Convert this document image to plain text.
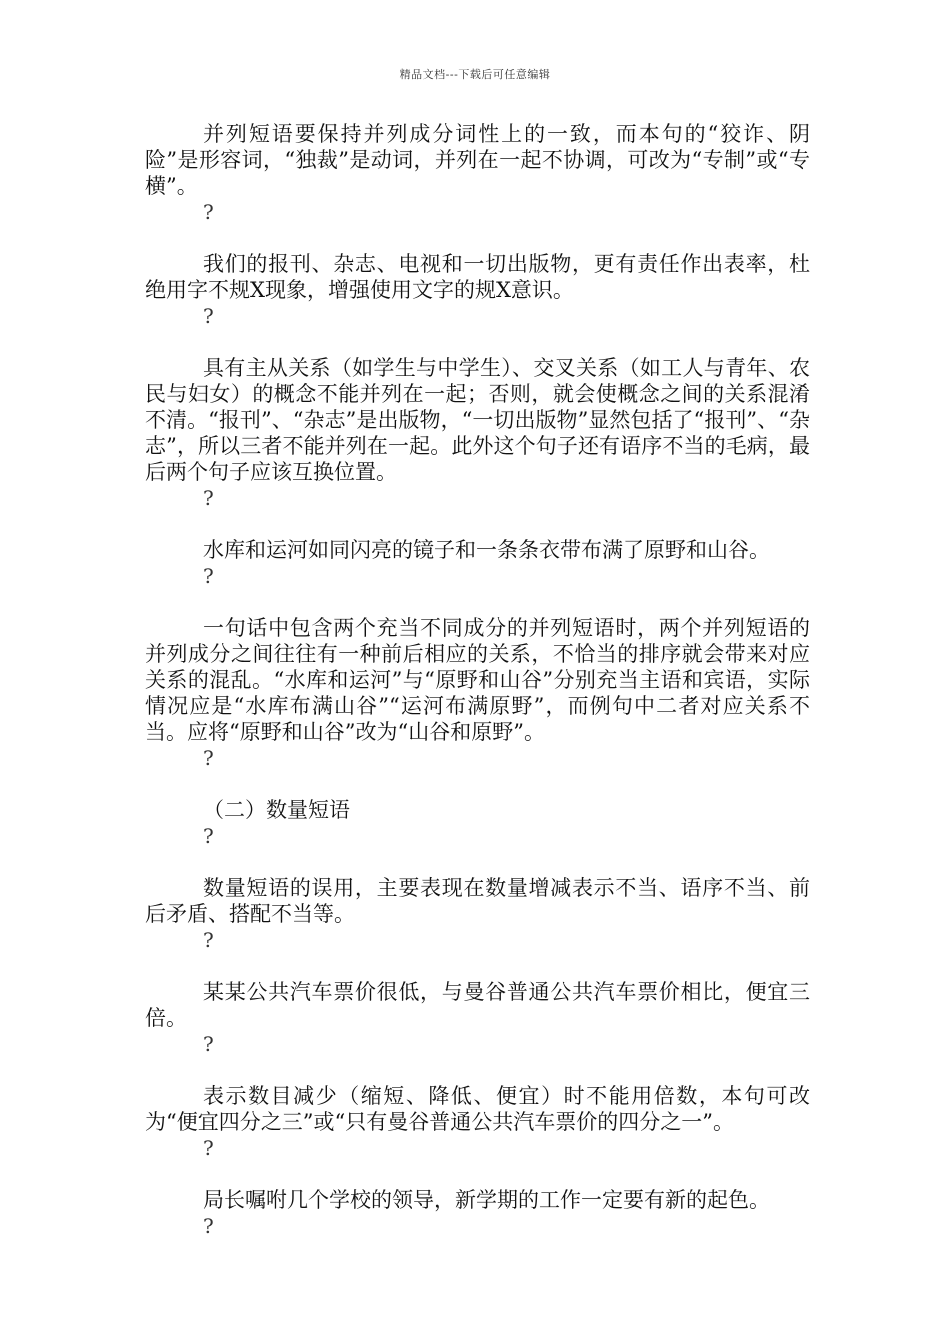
精品文档---下载后可任意编辑

并列短语要保持并列成分词性上的一致，而本句的“狡诈、阴险”是形容词，“独裁”是动词，并列在一起不协调，可改为“专制”或“专横”。

?

我们的报刊、杂志、电视和一切出版物，更有责任作出表率，杜绝用字不规X现象，增强使用文字的规X意识。

?

具有主从关系（如学生与中学生）、交叉关系（如工人与青年、农民与妇女）的概念不能并列在一起；否则，就会使概念之间的关系混淆不清。“报刊”、“杂志”是出版物，“一切出版物”显然包括了“报刊”、“杂志”，所以三者不能并列在一起。此外这个句子还有语序不当的毛病，最后两个句子应该互换位置。

?

水库和运河如同闪亮的镜子和一条条衣带布满了原野和山谷。

?

一句话中包含两个充当不同成分的并列短语时，两个并列短语的并列成分之间往往有一种前后相应的关系，不恰当的排序就会带来对应关系的混乱。“水库和运河”与“原野和山谷”分别充当主语和宾语，实际情况应是“水库布满山谷”“运河布满原野”，而例句中二者对应关系不当。应将“原野和山谷”改为“山谷和原野”。

?

（二）数量短语

?

数量短语的误用，主要表现在数量增减表示不当、语序不当、前后矛盾、搭配不当等。

?

某某公共汽车票价很低，与曼谷普通公共汽车票价相比，便宜三倍。

?

表示数目减少（缩短、降低、便宜）时不能用倍数，本句可改为“便宜四分之三”或“只有曼谷普通公共汽车票价的四分之一”。

?

局长嘱咐几个学校的领导，新学期的工作一定要有新的起色。

?
